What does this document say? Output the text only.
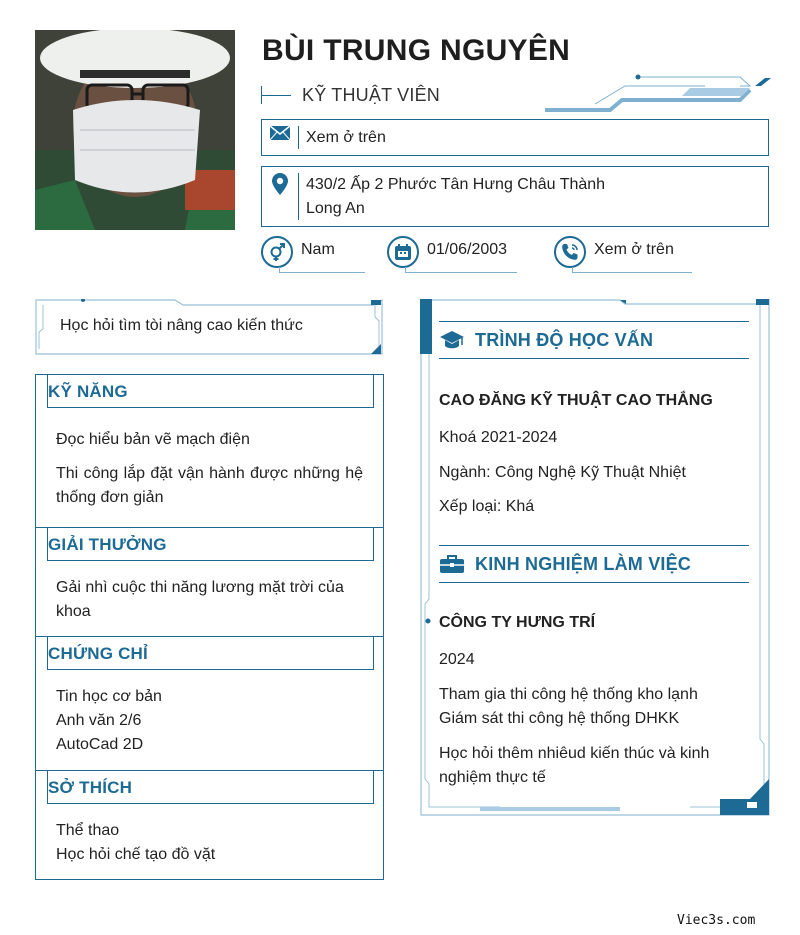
BÙI TRUNG NGUYÊN
KỸ THUẬT VIÊN
Xem ở trên
430/2 Ấp 2 Phước Tân Hưng Châu Thành
Long An
Nam	01/06/2003	Xem ở trên
Học hỏi tìm tòi nâng cao kiến thức
KỸ NĂNG

Đọc hiểu bản vẽ mạch điện

Thi công lắp đặt vận hành được những hệ thống đơn giản

GIẢI THƯỞNG

Gải nhì cuộc thi năng lương mặt trời của khoa

CHỨNG CHỈ

Tin học cơ bản

Anh văn 2/6

AutoCad 2D

SỞ THÍCH

Thể thao

Học hỏi chế tạo đồ vặt

TRÌNH ĐỘ HỌC VẤN
CAO ĐĂNG KỸ THUẬT CAO THẮNG
Khoá 2021-2024
Ngành: Công Nghệ Kỹ Thuật Nhiệt
Xếp loại: Khá
KINH NGHIỆM LÀM VIỆC
CÔNG TY HƯNG TRÍ
2024
Tham gia thi công hệ thống kho lạnh
Giám sát thi công hệ thống DHKK
Học hỏi thêm nhiêud kiến thúc và kinh
nghiệm thực tế
Viec3s.com
